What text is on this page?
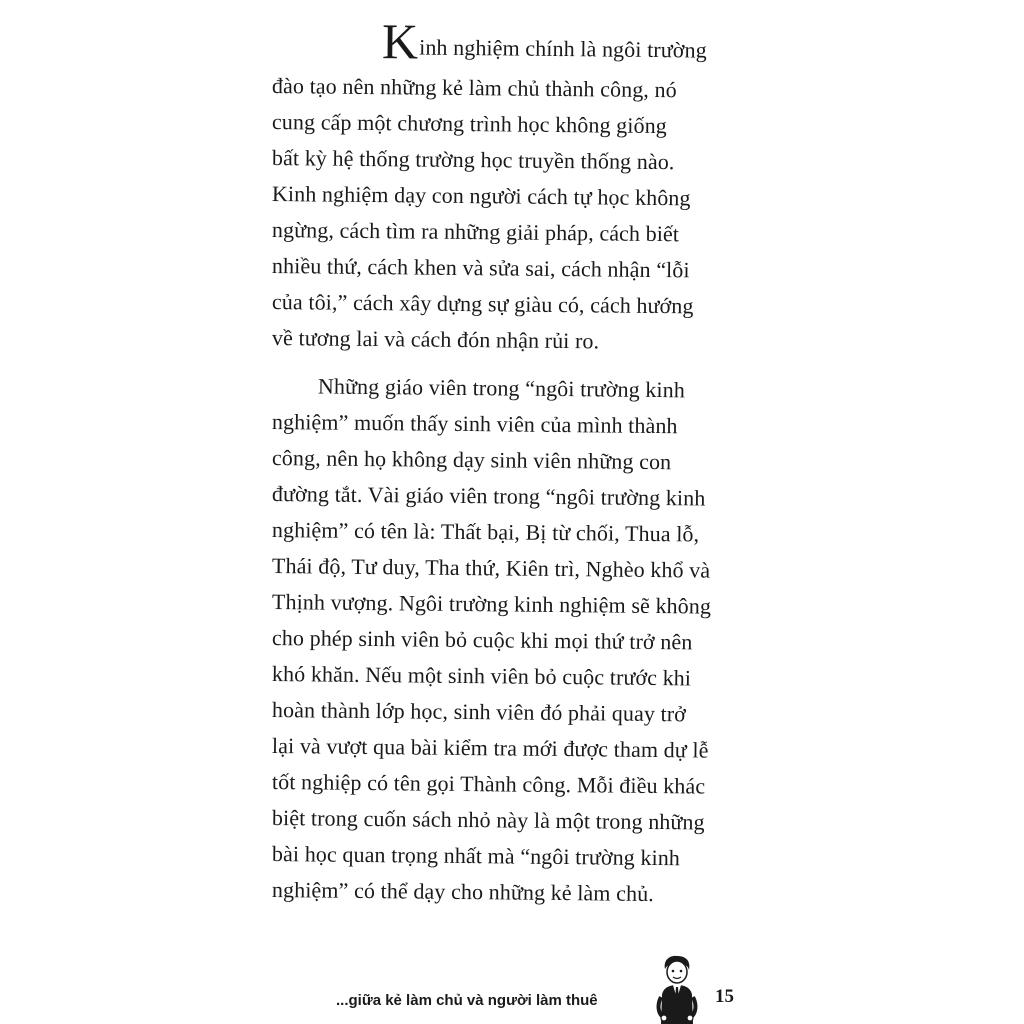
Kinh nghiệm chính là ngôi trường
đào tạo nên những kẻ làm chủ thành công, nó
cung cấp một chương trình học không giống
bất kỳ hệ thống trường học truyền thống nào.
Kinh nghiệm dạy con người cách tự học không
ngừng, cách tìm ra những giải pháp, cách biết
nhiều thứ, cách khen và sửa sai, cách nhận “lỗi
của tôi,” cách xây dựng sự giàu có, cách hướng
về tương lai và cách đón nhận rủi ro.
Những giáo viên trong “ngôi trường kinh
nghiệm” muốn thấy sinh viên của mình thành
công, nên họ không dạy sinh viên những con
đường tắt. Vài giáo viên trong “ngôi trường kinh
nghiệm” có tên là: Thất bại, Bị từ chối, Thua lỗ,
Thái độ, Tư duy, Tha thứ, Kiên trì, Nghèo khổ và
Thịnh vượng. Ngôi trường kinh nghiệm sẽ không
cho phép sinh viên bỏ cuộc khi mọi thứ trở nên
khó khăn. Nếu một sinh viên bỏ cuộc trước khi
hoàn thành lớp học, sinh viên đó phải quay trở
lại và vượt qua bài kiểm tra mới được tham dự lễ
tốt nghiệp có tên gọi Thành công. Mỗi điều khác
biệt trong cuốn sách nhỏ này là một trong những
bài học quan trọng nhất mà “ngôi trường kinh
nghiệm” có thể dạy cho những kẻ làm chủ.
...giữa kẻ làm chủ và người làm thuê	15
